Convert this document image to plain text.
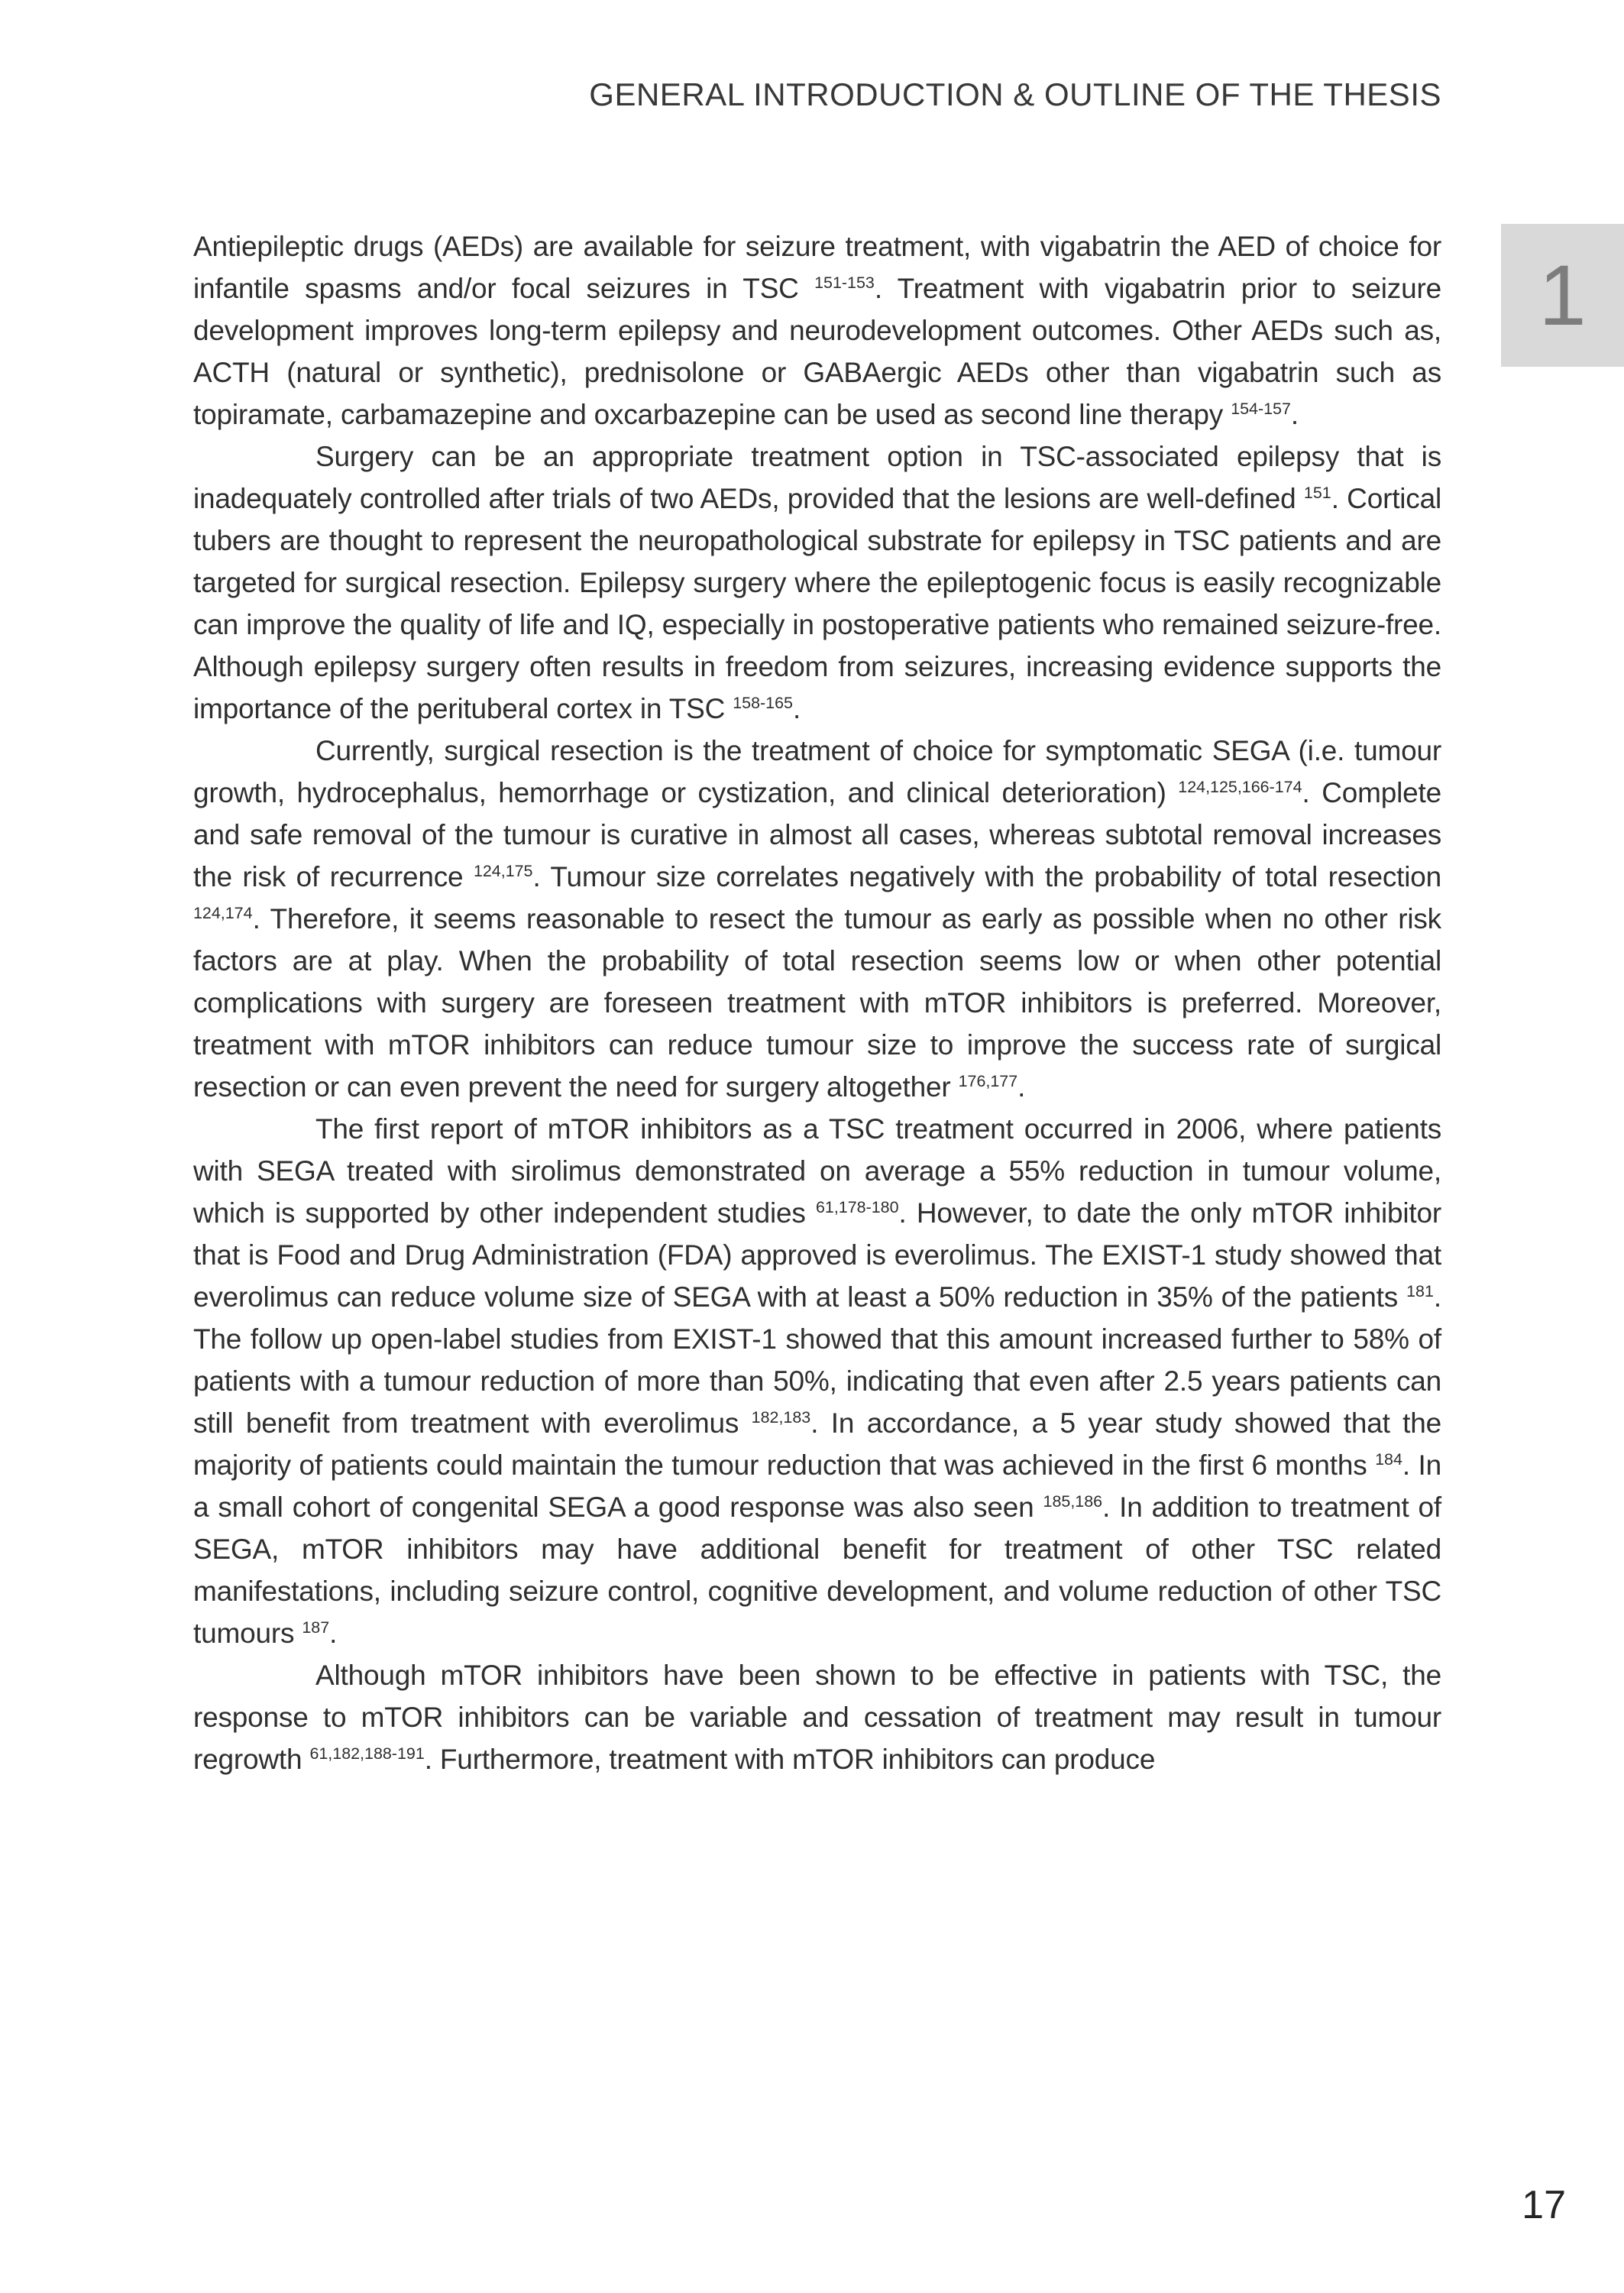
GENERAL INTRODUCTION & OUTLINE OF THE THESIS
1

Antiepileptic drugs (AEDs) are available for seizure treatment, with vigabatrin the AED of choice for infantile spasms and/or focal seizures in TSC $^{151-153}$. Treatment with vigabatrin prior to seizure development improves long-term epilepsy and neurodevelopment outcomes. Other AEDs such as, ACTH (natural or synthetic), prednisolone or GABAergic AEDs other than vigabatrin such as topiramate, carbamazepine and oxcarbazepine can be used as second line therapy $^{154-157}$.

Surgery can be an appropriate treatment option in TSC-associated epilepsy that is inadequately controlled after trials of two AEDs, provided that the lesions are well-defined $^{151}$. Cortical tubers are thought to represent the neuropathological substrate for epilepsy in TSC patients and are targeted for surgical resection. Epilepsy surgery where the epileptogenic focus is easily recognizable can improve the quality of life and IQ, especially in postoperative patients who remained seizure-free. Although epilepsy surgery often results in freedom from seizures, increasing evidence supports the importance of the perituberal cortex in TSC $^{158-165}$.

Currently, surgical resection is the treatment of choice for symptomatic SEGA (i.e. tumour growth, hydrocephalus, hemorrhage or cystization, and clinical deterioration) $^{124,125,166-174}$. Complete and safe removal of the tumour is curative in almost all cases, whereas subtotal removal increases the risk of recurrence $^{124,175}$. Tumour size correlates negatively with the probability of total resection $^{124,174}$. Therefore, it seems reasonable to resect the tumour as early as possible when no other risk factors are at play. When the probability of total resection seems low or when other potential complications with surgery are foreseen treatment with mTOR inhibitors is preferred. Moreover, treatment with mTOR inhibitors can reduce tumour size to improve the success rate of surgical resection or can even prevent the need for surgery altogether $^{176,177}$.

The first report of mTOR inhibitors as a TSC treatment occurred in 2006, where patients with SEGA treated with sirolimus demonstrated on average a 55% reduction in tumour volume, which is supported by other independent studies $^{61,178-180}$. However, to date the only mTOR inhibitor that is Food and Drug Administration (FDA) approved is everolimus. The EXIST-1 study showed that everolimus can reduce volume size of SEGA with at least a 50% reduction in 35% of the patients $^{181}$. The follow up open-label studies from EXIST-1 showed that this amount increased further to 58% of patients with a tumour reduction of more than 50%, indicating that even after 2.5 years patients can still benefit from treatment with everolimus $^{182,183}$. In accordance, a 5 year study showed that the majority of patients could maintain the tumour reduction that was achieved in the first 6 months $^{184}$. In a small cohort of congenital SEGA a good response was also seen $^{185,186}$. In addition to treatment of SEGA, mTOR inhibitors may have additional benefit for treatment of other TSC related manifestations, including seizure control, cognitive development, and volume reduction of other TSC tumours $^{187}$.

Although mTOR inhibitors have been shown to be effective in patients with TSC, the response to mTOR inhibitors can be variable and cessation of treatment may result in tumour regrowth $^{61,182,188-191}$. Furthermore, treatment with mTOR inhibitors can produce

17
